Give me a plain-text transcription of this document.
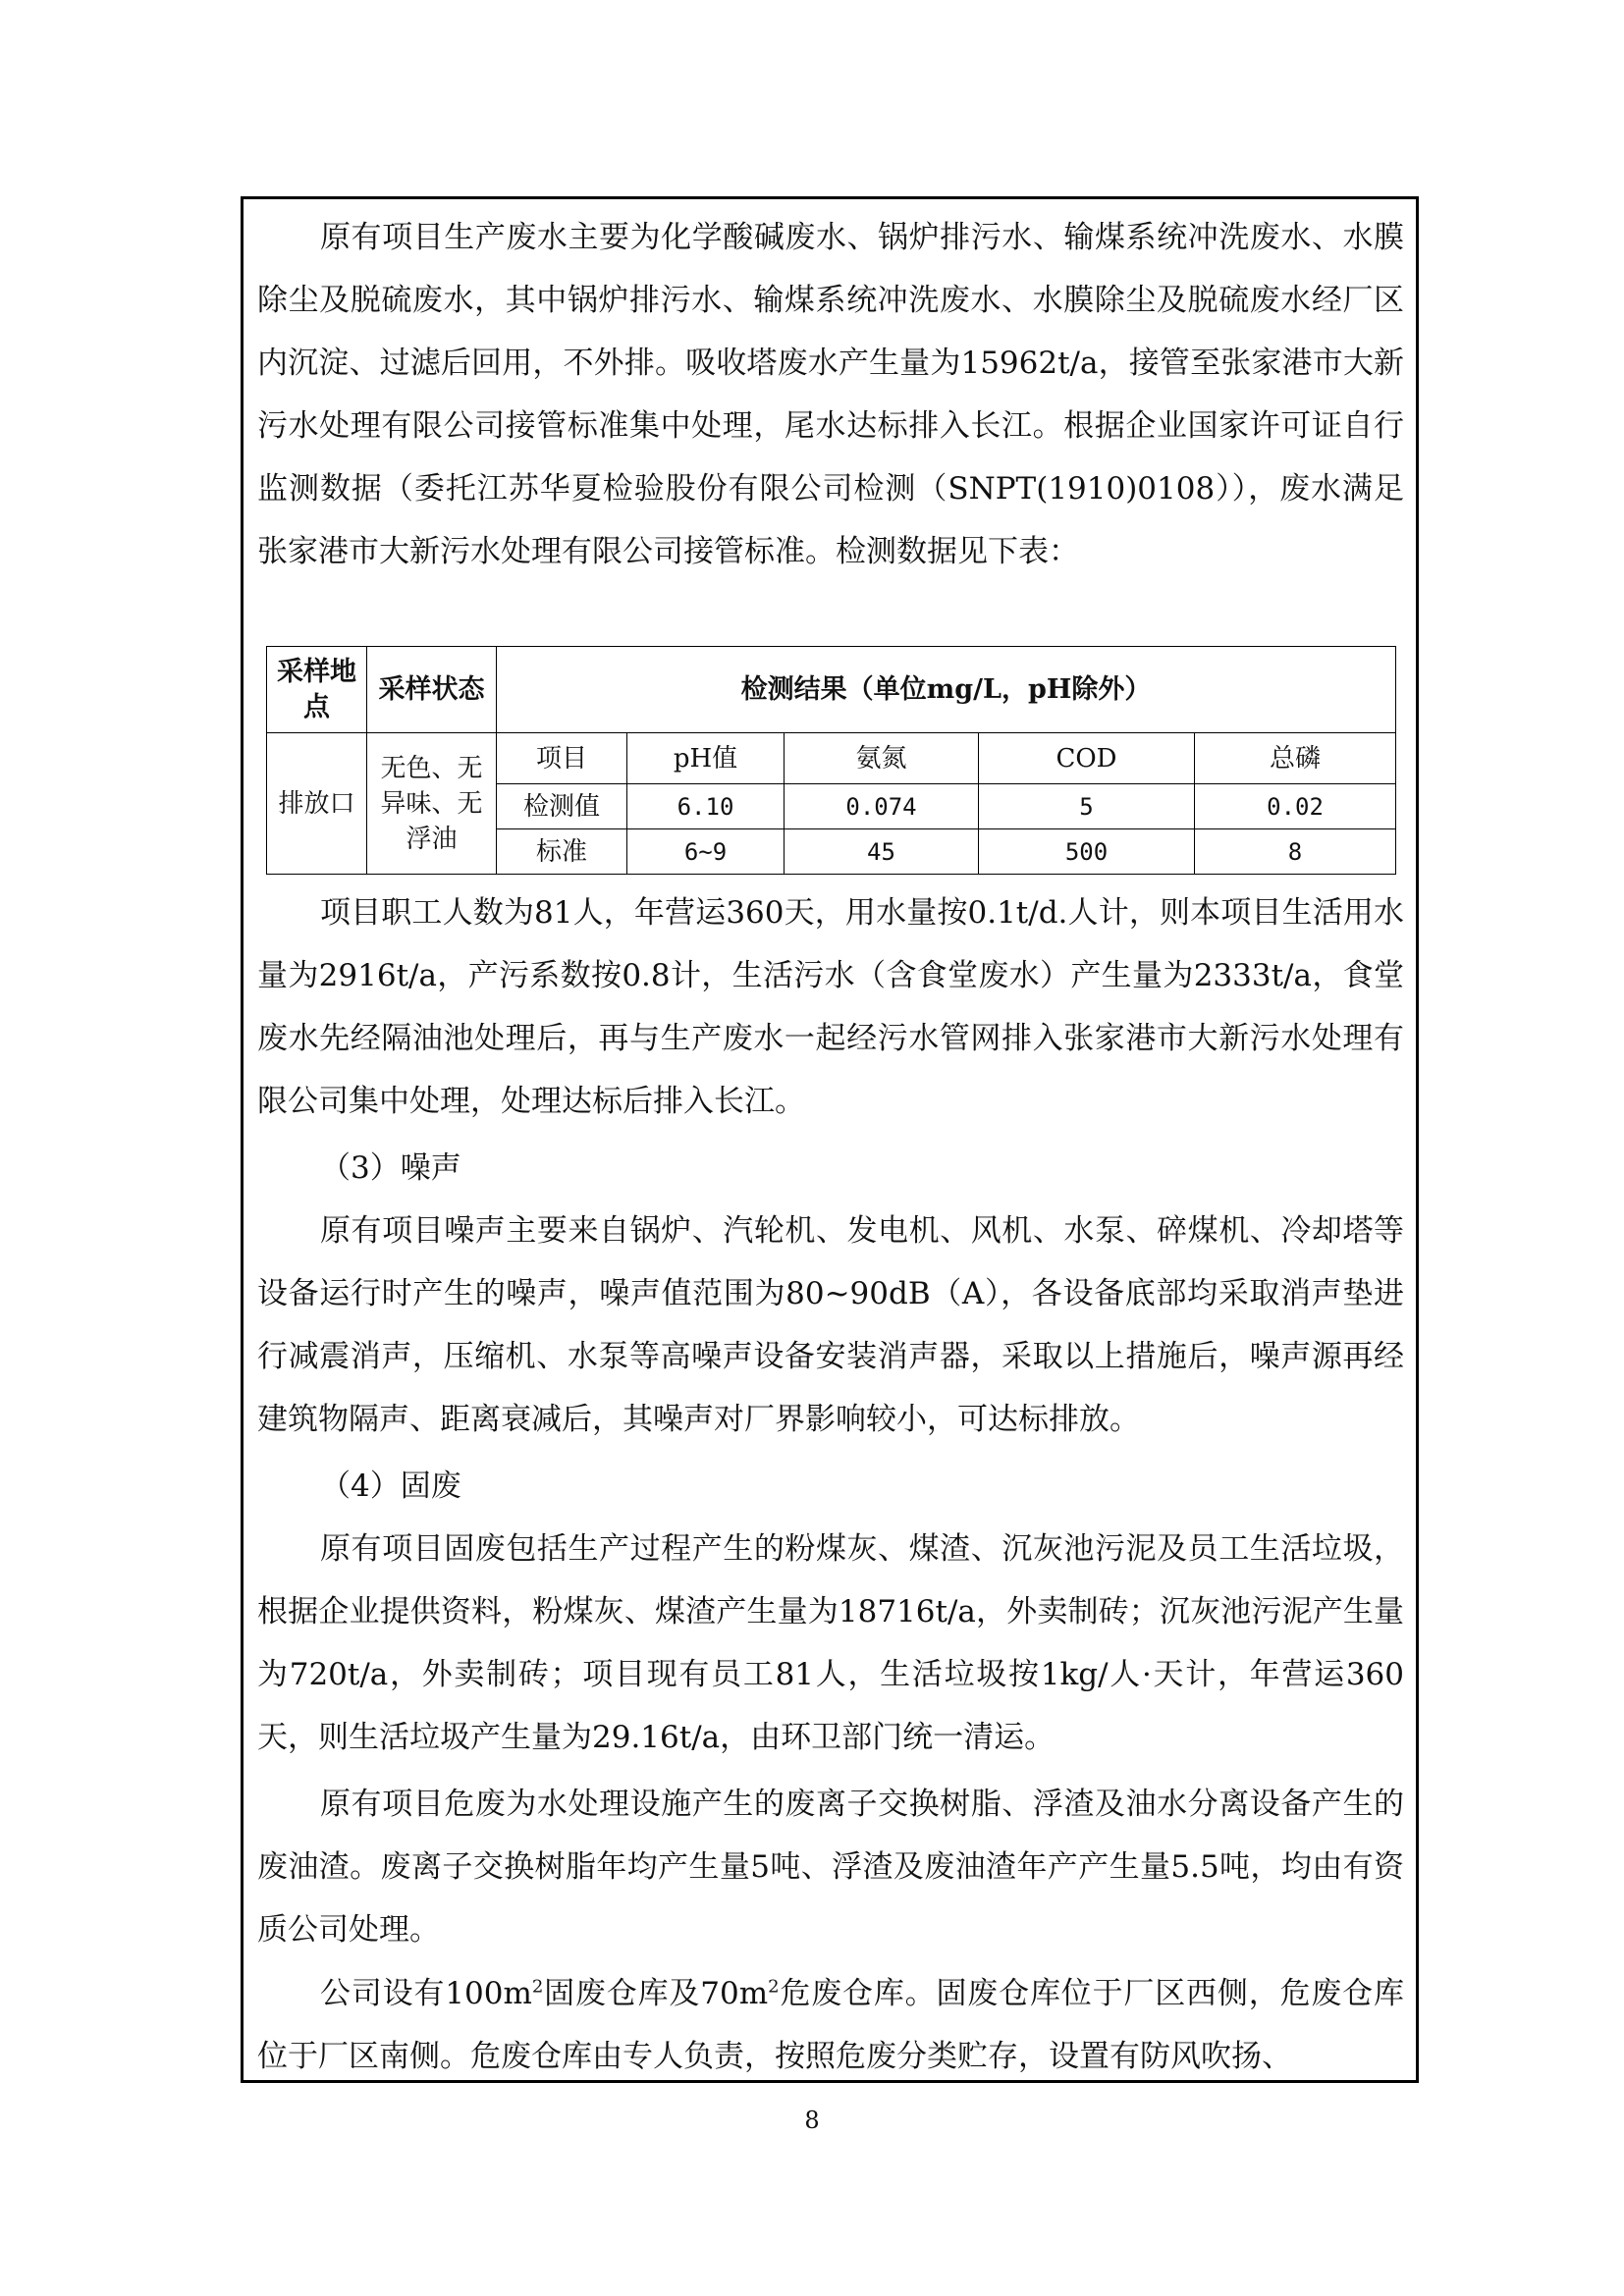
原有项目生产废水主要为化学酸碱废水、锅炉排污水、输煤系统冲洗废水、水膜除尘及脱硫废水，其中锅炉排污水、输煤系统冲洗废水、水膜除尘及脱硫废水经厂区内沉淀、过滤后回用，不外排。吸收塔废水产生量为15962t/a，接管至张家港市大新污水处理有限公司接管标准集中处理，尾水达标排入长江。根据企业国家许可证自行监测数据（委托江苏华夏检验股份有限公司检测（SNPT(1910)0108）），废水满足张家港市大新污水处理有限公司接管标准。检测数据见下表：

采样地点	采样状态	检测结果（单位mg/L，pH除外）				
排放口	无色、无异味、无浮油	项目	pH值	氨氮	COD	总磷
		检测值	6.10	0.074	5	0.02
		标准	6~9	45	500	8

项目职工人数为81人，年营运360天，用水量按0.1t/d.人计，则本项目生活用水量为2916t/a，产污系数按0.8计，生活污水（含食堂废水）产生量为2333t/a，食堂废水先经隔油池处理后，再与生产废水一起经污水管网排入张家港市大新污水处理有限公司集中处理，处理达标后排入长江。

（3）噪声

原有项目噪声主要来自锅炉、汽轮机、发电机、风机、水泵、碎煤机、冷却塔等设备运行时产生的噪声，噪声值范围为80~90dB（A），各设备底部均采取消声垫进行减震消声，压缩机、水泵等高噪声设备安装消声器，采取以上措施后，噪声源再经建筑物隔声、距离衰减后，其噪声对厂界影响较小，可达标排放。

（4）固废

原有项目固废包括生产过程产生的粉煤灰、煤渣、沉灰池污泥及员工生活垃圾，根据企业提供资料，粉煤灰、煤渣产生量为18716t/a，外卖制砖；沉灰池污泥产生量为720t/a，外卖制砖；项目现有员工81人，生活垃圾按1kg/人·天计，年营运360天，则生活垃圾产生量为29.16t/a，由环卫部门统一清运。

原有项目危废为水处理设施产生的废离子交换树脂、浮渣及油水分离设备产生的废油渣。废离子交换树脂年均产生量5吨、浮渣及废油渣年产产生量5.5吨，均由有资质公司处理。

公司设有$100m^2$固废仓库及$70m^2$危废仓库。固废仓库位于厂区西侧，危废仓库位于厂区南侧。危废仓库由专人负责，按照危废分类贮存，设置有防风吹扬、

8
